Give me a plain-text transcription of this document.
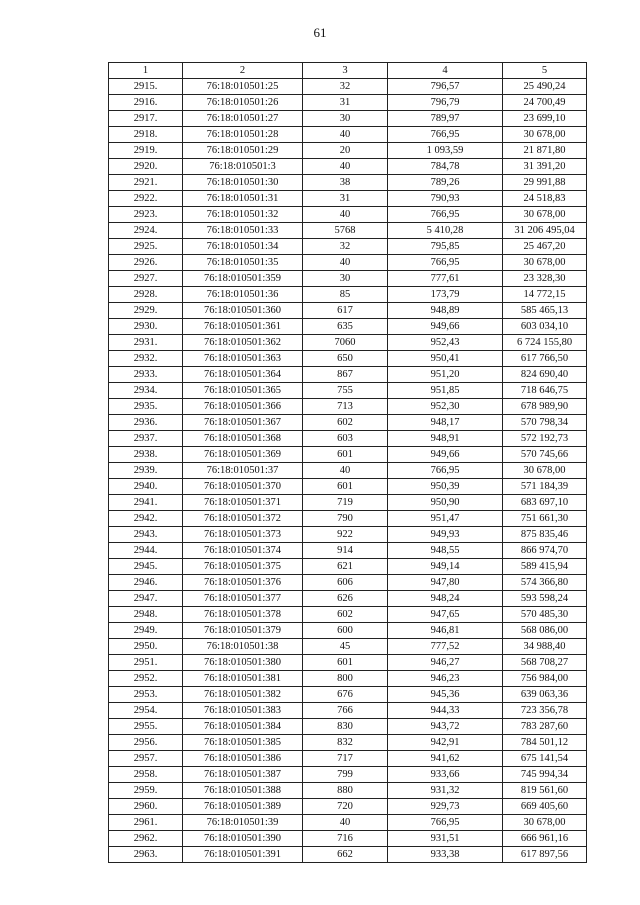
61
1	2	3	4	5
2915.	76:18:010501:25	32	796,57	25 490,24
2916.	76:18:010501:26	31	796,79	24 700,49
2917.	76:18:010501:27	30	789,97	23 699,10
2918.	76:18:010501:28	40	766,95	30 678,00
2919.	76:18:010501:29	20	1 093,59	21 871,80
2920.	76:18:010501:3	40	784,78	31 391,20
2921.	76:18:010501:30	38	789,26	29 991,88
2922.	76:18:010501:31	31	790,93	24 518,83
2923.	76:18:010501:32	40	766,95	30 678,00
2924.	76:18:010501:33	5768	5 410,28	31 206 495,04
2925.	76:18:010501:34	32	795,85	25 467,20
2926.	76:18:010501:35	40	766,95	30 678,00
2927.	76:18:010501:359	30	777,61	23 328,30
2928.	76:18:010501:36	85	173,79	14 772,15
2929.	76:18:010501:360	617	948,89	585 465,13
2930.	76:18:010501:361	635	949,66	603 034,10
2931.	76:18:010501:362	7060	952,43	6 724 155,80
2932.	76:18:010501:363	650	950,41	617 766,50
2933.	76:18:010501:364	867	951,20	824 690,40
2934.	76:18:010501:365	755	951,85	718 646,75
2935.	76:18:010501:366	713	952,30	678 989,90
2936.	76:18:010501:367	602	948,17	570 798,34
2937.	76:18:010501:368	603	948,91	572 192,73
2938.	76:18:010501:369	601	949,66	570 745,66
2939.	76:18:010501:37	40	766,95	30 678,00
2940.	76:18:010501:370	601	950,39	571 184,39
2941.	76:18:010501:371	719	950,90	683 697,10
2942.	76:18:010501:372	790	951,47	751 661,30
2943.	76:18:010501:373	922	949,93	875 835,46
2944.	76:18:010501:374	914	948,55	866 974,70
2945.	76:18:010501:375	621	949,14	589 415,94
2946.	76:18:010501:376	606	947,80	574 366,80
2947.	76:18:010501:377	626	948,24	593 598,24
2948.	76:18:010501:378	602	947,65	570 485,30
2949.	76:18:010501:379	600	946,81	568 086,00
2950.	76:18:010501:38	45	777,52	34 988,40
2951.	76:18:010501:380	601	946,27	568 708,27
2952.	76:18:010501:381	800	946,23	756 984,00
2953.	76:18:010501:382	676	945,36	639 063,36
2954.	76:18:010501:383	766	944,33	723 356,78
2955.	76:18:010501:384	830	943,72	783 287,60
2956.	76:18:010501:385	832	942,91	784 501,12
2957.	76:18:010501:386	717	941,62	675 141,54
2958.	76:18:010501:387	799	933,66	745 994,34
2959.	76:18:010501:388	880	931,32	819 561,60
2960.	76:18:010501:389	720	929,73	669 405,60
2961.	76:18:010501:39	40	766,95	30 678,00
2962.	76:18:010501:390	716	931,51	666 961,16
2963.	76:18:010501:391	662	933,38	617 897,56
